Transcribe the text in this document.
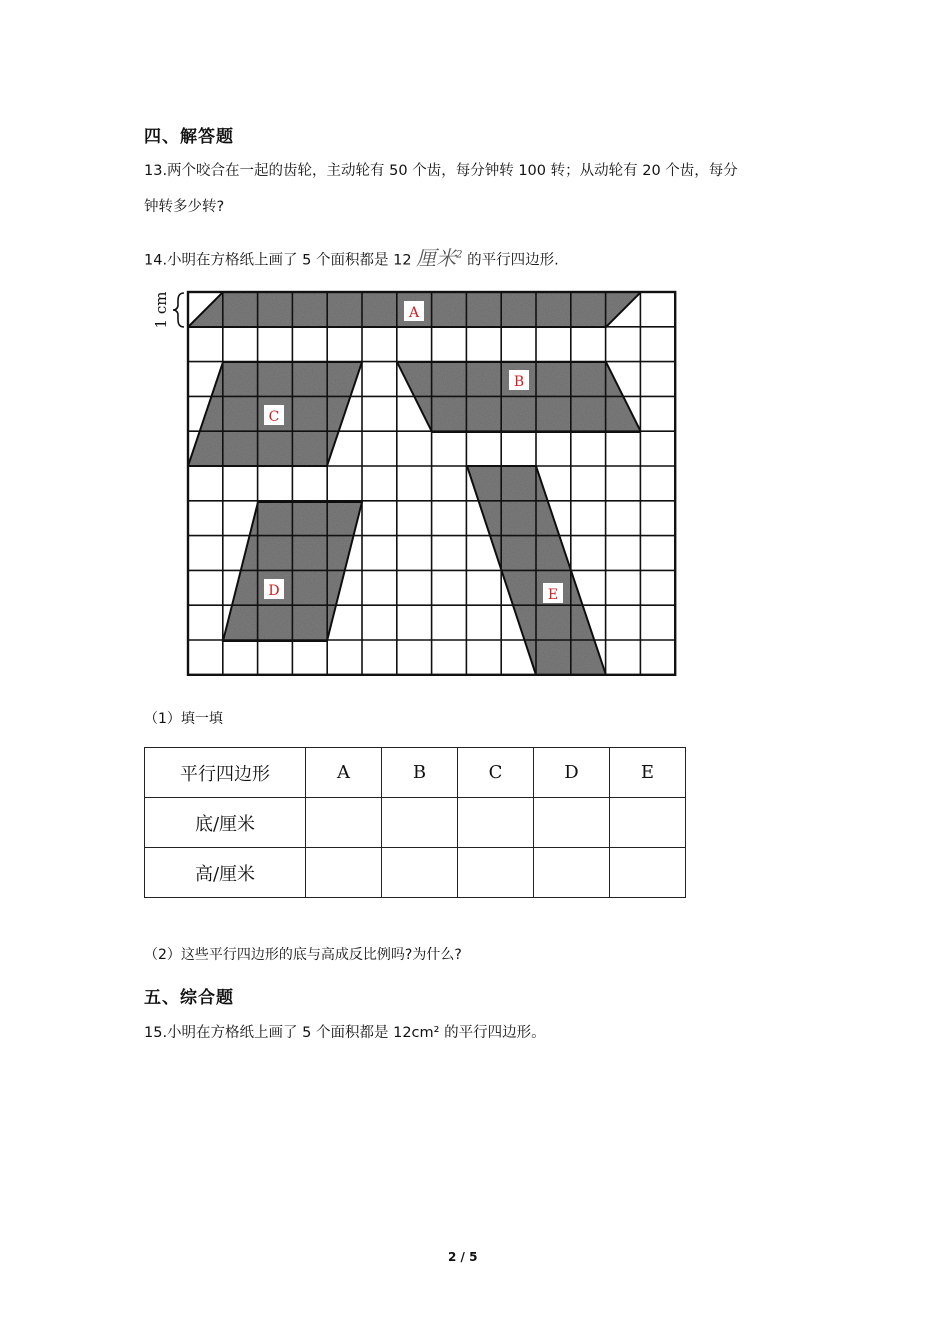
四、解答题
13.两个咬合在一起的齿轮，主动轮有 50 个齿，每分钟转 100 转；从动轮有 20 个齿，每分
钟转多少转?
14.小明在方格纸上画了 5 个面积都是 12 厘米$^2$ 的平行四边形.
A
B
C
D	E
1 cm
（1）填一填
平行四边形	A	B	C	D	E
底/厘米					
高/厘米					
（2）这些平行四边形的底与高成反比例吗?为什么?
五、综合题
15.小明在方格纸上画了 5 个面积都是 12cm² 的平行四边形。
2 / 5
